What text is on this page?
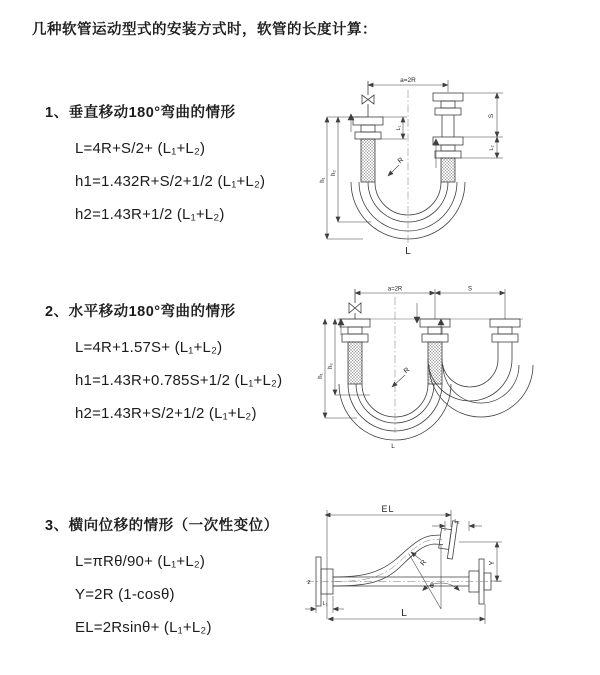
几种软管运动型式的安装方式时，软管的长度计算：
1、垂直移动180°弯曲的情形
L=4R+S/2+ (L₁+L₂)
h1=1.432R+S/2+1/2 (L₁+L₂)
h2=1.43R+1/2 (L₁+L₂)
2、水平移动180°弯曲的情形
L=4R+1.57S+ (L₁+L₂)
h1=1.43R+0.785S+1/2 (L₁+L₂)
h2=1.43R+S/2+1/2 (L₁+L₂)
3、横向位移的情形（一次性变位）
L=πRθ/90+ (L₁+L₂)
Y=2R (1-cosθ)
EL=2Rsinθ+ (L₁+L₂)
a=2R
h₁
h₂
L₁
S
L₂
R
L
a=2R	S
h₁
h₂
R
L
EL
L₂
L₁
Y
R
θ
L
z
